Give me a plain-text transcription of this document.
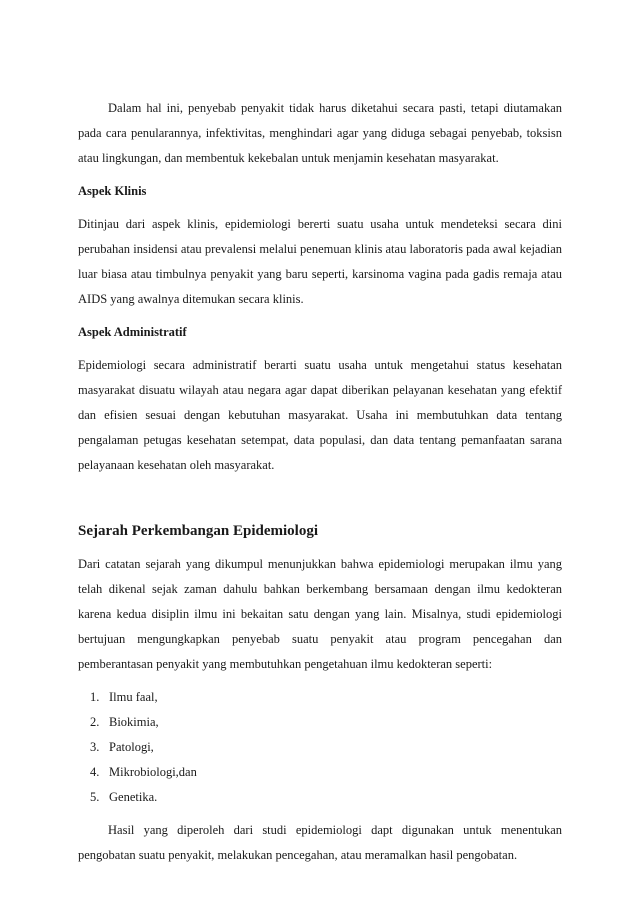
Dalam hal ini, penyebab penyakit tidak harus diketahui secara pasti, tetapi diutamakan pada cara penularannya, infektivitas, menghindari agar yang diduga sebagai penyebab, toksisn atau lingkungan, dan membentuk kekebalan untuk menjamin kesehatan masyarakat.

Aspek Klinis

Ditinjau dari aspek klinis, epidemiologi bererti suatu usaha untuk mendeteksi secara dini perubahan insidensi atau prevalensi melalui penemuan klinis atau laboratoris pada awal kejadian luar biasa atau timbulnya penyakit yang baru seperti, karsinoma vagina pada gadis remaja atau AIDS yang awalnya ditemukan secara klinis.

Aspek Administratif

Epidemiologi secara administratif berarti suatu usaha untuk mengetahui status kesehatan masyarakat disuatu wilayah atau negara agar dapat diberikan pelayanan kesehatan yang efektif dan efisien sesuai dengan kebutuhan masyarakat. Usaha ini membutuhkan data tentang pengalaman petugas kesehatan setempat, data populasi, dan data tentang pemanfaatan sarana pelayanaan kesehatan oleh masyarakat.

Sejarah Perkembangan Epidemiologi

Dari catatan sejarah yang dikumpul menunjukkan bahwa epidemiologi merupakan ilmu yang telah dikenal sejak zaman dahulu bahkan berkembang bersamaan dengan ilmu kedokteran karena kedua disiplin ilmu ini bekaitan satu dengan yang lain. Misalnya, studi epidemiologi bertujuan mengungkapkan penyebab suatu penyakit atau program pencegahan dan pemberantasan penyakit yang membutuhkan pengetahuan ilmu kedokteran seperti:

1. Ilmu faal,
2. Biokimia,
3. Patologi,
4. Mikrobiologi,dan
5. Genetika.

Hasil yang diperoleh dari studi epidemiologi dapt digunakan untuk menentukan pengobatan suatu penyakit, melakukan pencegahan, atau meramalkan hasil pengobatan.
